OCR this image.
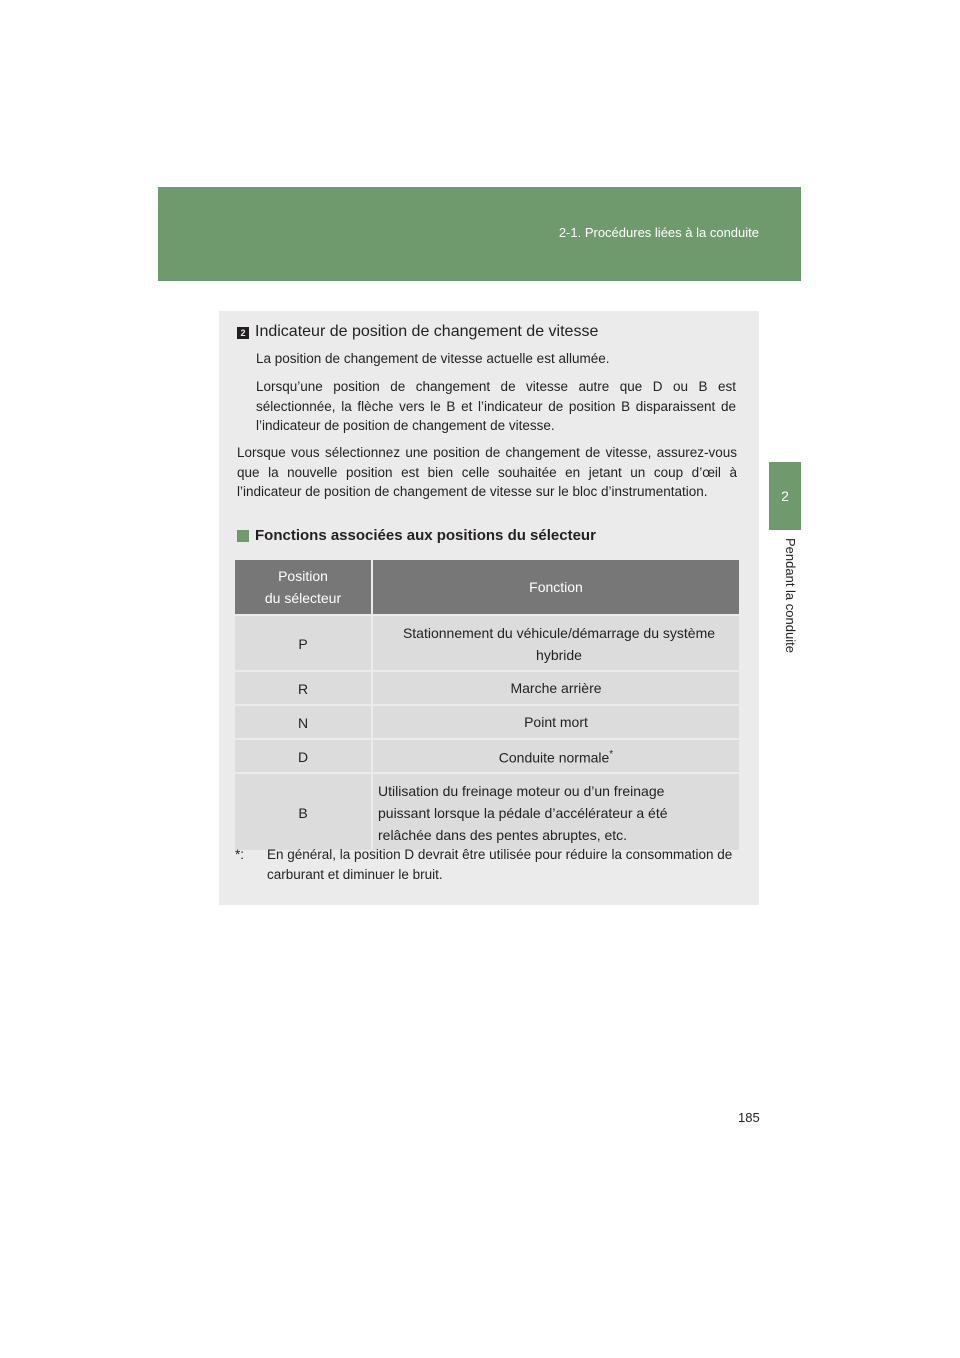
2-1. Procédures liées à la conduite
2
Pendant la conduite
2 Indicateur de position de changement de vitesse
La position de changement de vitesse actuelle est allumée.
Lorsqu’une position de changement de vitesse autre que D ou B est sélectionnée, la flèche vers le B et l’indicateur de position B disparaissent de l’indicateur de position de changement de vitesse.
Lorsque vous sélectionnez une position de changement de vitesse, assurez-vous que la nouvelle position est bien celle souhaitée en jetant un coup d’œil à l’indicateur de position de changement de vitesse sur le bloc d’instrumentation.
Fonctions associées aux positions du sélecteur
Position
du sélecteur	Fonction
P	Stationnement du véhicule/démarrage du système hybride
R	Marche arrière
N	Point mort
D	Conduite normale*
B	Utilisation du freinage moteur ou d’un freinage puissant lorsque la pédale d’accélérateur a été relâchée dans des pentes abruptes, etc.
*:	En général, la position D devrait être utilisée pour réduire la consommation de carburant et diminuer le bruit.
185
